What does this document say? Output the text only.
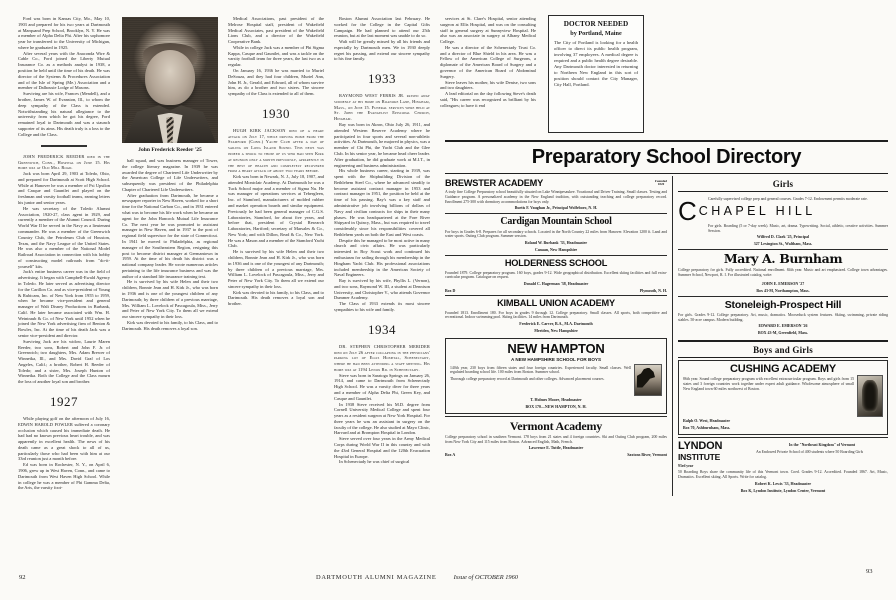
Ford was born in Kansas City, Mo., May 10, 1903 and prepared for his two years at Dartmouth at Marquand Prep School, Brooklyn, N. Y. He was a member of Alpha Delta Phi. After his sophomore year he transferred to the University of Michigan, where he graduated in 1925.

After several years with the Anaconda Wire & Cable Co., Ford joined the Liberty Mutual Insurance Co. as a methods analyst in 1938, a position he held until the time of his death. He was director of the Systems & Procedures Association and of the Isle of Spring (Me.) Association and a member of Dalhousie Lodge of Masons.

Surviving are his wife, Frances (Mendell), and a brother, James W. of Evanston, Ill., to whom the deep sympathy of the Class is extended. Notwithstanding his natural allegiance to the university from which he got his degree, Ford remained loyal to Dartmouth and was a staunch supporter of its aims. His death truly is a loss to the College and the Class.

JOHN FREDERICK REEDER died in the Greenwich, Conn., Hospital on June 15. His home was at Old Mill Road.

Jack was born April 29, 1903 at Toledo, Ohio, and prepared for Dartmouth at Scott High School. While at Hanover he was a member of Psi Upsilon and Casque and Gauntlet and played on the freshman and varsity football teams, earning letters his junior and senior years.

He was secretary of the Toledo Alumni Association, 1920-27, class agent in 1929, and currently a member of the Alumni Council. During World War II he served in the Navy as a lieutenant commander. He was a member of the Greenwich Country Club, the Petroleum Club of Houston, Texas, and the Navy League of the United States. He was also a member of the National Model Railroad Association in connection with his hobby of constructing model railroads from "do-it-yourself" kits.

Jack's entire business career was in the field of advertising. It began with Campbell-Ewald Agency in Toledo. He later served as advertising director for the Carillon Co. and as vice-president of Young & Rubicam, Inc. of New York from 1955 to 1959, when he became vice-president and general manager of Walt Disney Productions in Burbank, Calif. He later became associated with Wm. H. Weintraub & Co. of New York until 1952 when he joined the New York advertising firm of Benton & Bowles, Inc. At the time of his death Jack was a senior vice-president and director.

Surviving Jack are his widow, Laurie Maren Reeder, two sons, Robert and John F. Jr. of Greenwich; two daughters, Mrs. Adam Brewer of Winnetka, Ill., and Mrs. David Graf of Los Angeles, Calif.; a brother, Robert H. Reeder of Toledo; and a sister, Mrs. Joseph Hunton of Winnetka. Both the College and the Class mourn the loss of another loyal son and brother.

1927

While playing golf on the afternoon of July 16, EDWIN HAROLD FOWLER suffered a coronary occlusion which caused his immediate death. He had had no known previous heart trouble, and was apparently in excellent health. The news of his death came as a great shock to all of us, particularly those who had been with him at our 33rd reunion just a month before.

Ed was born in Rochester, N. Y., on April 6, 1906, grew up in West Haven, Conn., and came to Dartmouth from West Haven High School. While in college he was a member of Phi Gamma Delta, the Arts, the varsity foot-

John Frederick Reeder '25

ball squad, and was business manager of Tower, the college literary magazine. In 1939 he was awarded the degree of Chartered Life Underwriter by the American College of Life Underwriters, and subsequently was president of the Philadelphia Chapter of Chartered Life Underwriters.

After graduation from Dartmouth, he became a newspaper reporter in New Haven, worked for a short time for the National Carbon Co., and in 1931 entered what was to become his life work when he became an agent for the John Hancock Mutual Life Insurance Co. The next year he was promoted to assistant manager in New Haven, and in 1937 to the post of regional field supervisor for the state of Connecticut. In 1941 he moved to Philadelphia, as regional manager of the Southeastern Region, resigning this post to become district manager at Germantown in 1959. At the time of his death his district was a national company leader. He wrote numerous articles pertaining to the life insurance business and was the author of a standard life insurance training text.

He is survived by his wife Helen and their two children, Bonnie Jean and H. Kirk Jr., who was born in 1936 and is one of the youngest children of any Dartmouth; by three children of a previous marriage, Mrs. William L. Lovelock of Pascagoula, Miss., Jerry and Peter of New York City. To them all we extend our sincere sympathy in their loss.

Kirk was devoted to his family, to his Class, and to Dartmouth. His death removes a loyal son.

Medical Associations, past president of the Melrose Hospital staff, president of Wakefield Medical Associates, past president of the Wakefield Lions Club, and a director of the Wakefield Cooperative Bank.

While in college Jack was a member of Phi Sigma Kappa, Casque and Gauntlet, and was a tackle on the varsity football team for three years, the last two as a regular.

On January 16, 1936 he was married to Muriel DeSouza, and they had four children, Muriel Ann, John H. Jr., Gerald, and Edward, all of whom survive him, as do a brother and two sisters. The sincere sympathy of the Class is extended to all of them.

1930

HUGH KIRK JACKSON died of a heart attack on July 17, while driving home from the Stamford (Conn.) Yacht Club after a day of sailing on Long Island Sound. This news was indeed a shock to those of us who had seen Kirk at reunion only a month previously, apparently in the best of health and completely recovered from a heart attack of about two years before.

Kirk was born in Newark, N. J., July 18, 1907, and attended Montclair Academy. At Dartmouth he was a Tuck School major and a member of Sigma Nu. He was manager of operations services at Tebergleen, Inc. of Stamford, manufacturers of molded rubber and market operation boards and similar equipment. Previously he had been general manager of C.G.S. Laboratories, Stamford, for about five years, and before that, president of Crystal Research Laboratories, Hartford; secretary of Marsales & Co., New York; and with Dillon, Read & Co., New York. He was a Mason and a member of the Stamford Yacht Club.

He is survived by his wife Helen and their two children, Bonnie Jean and H. Kirk Jr., who was born in 1936 and is one of the youngest of any Dartmouth; by three children of a previous marriage, Mrs. William L. Lovelock of Pascagoula, Miss., Jerry and Peter of New York City. To them all we extend our sincere sympathy in their loss.

Kirk was devoted to his family, to his Class, and to Dartmouth. His death removes a loyal son and brother.

Boston Alumni Association last February. He worked for the College in the Capital Gifts Campaign. He had planned to attend our 25th reunion, but at the last moment was unable to do so.

Walt will be greatly missed by all his friends and especially by Dartmouth men. We in 1930 deeply regret his passing, and extend our sincere sympathy to his fine family.

1933

RAYMOND WEST FERRIS JR. passed away suddenly at his home on Roanoke Lane, Hingham, Mass., on June 15. Funeral services were held at St. John the Evangelist Episcopal Church, Hingham.

Ray was born in Akron, Ohio July 26, 1911, and attended Western Reserve Academy where he participated in four sports and several non-athletic activities. At Dartmouth, he majored in physics, was a member of Chi Phi, the Yacht Club and the Glee Club. In his senior year, he became head cheer leader. After graduation, he did graduate work at M.I.T., in engineering and business administration.

His whole business career, starting in 1939, was spent with the Shipbuilding Division of the Bethlehem Steel Co., where he advanced steadily to become assistant contract manager in 1953 and contract manager in 1951, the position he held at the time of his passing. Ray's was a key staff and administrative job involving billions of dollars of Navy and civilian contracts for ships in their many phases. He was headquartered at the Fore River Shipyard in Quincy, Mass., but was required to travel considerably since his responsibilities covered all Bethlehem yards on both the East and West coasts.

Despite this he managed to be most active in many church and civic affairs. He was particularly interested in Boy Scout work and continued his enthusiasm for sailing through his membership in the Hingham Yacht Club. His professional associations included membership in the American Society of Naval Engineers.

Ray is survived by his wife, Phyllis L. (Vernon), and two sons, Raymond W. III, a student at Dennison University, and Christopher V., who attends Governor Dummer Academy.

The Class of 1933 extends its most sincere sympathies to his wife and family.

1934

DR. STEPHEN CHRISTOPHER MERIDER died on July 26 after collapsing in the physicians' parking lot of Ellis Hospital, Schenectady, where he had been attending a staff meeting. His home was at 1194 Lenox Rd. in Schenectady.

Steve was born in Saratoga Springs on January 26, 1914, and came to Dartmouth from Schenectady High School. He was a varsity diver for three years and a member of Alpha Delta Phi, Green Key, and Casque and Gauntlet.

In 1938 Steve received his M.D. degree from Cornell University Medical College and spent four years as a resident surgeon at New York Hospital. For three years he was an assistant in surgery on the faculty of the college. He also studied at Mayo Clinic, Harvard and at Brompton Hospital in London.

Steve served over four years in the Army Medical Corps during World War II in this country and with the 43rd General Hospital and the 120th Evacuation Hospital in Europe.

In Schenectady he was chief of surgical

services at St. Clare's Hospital, senior attending surgeon at Ellis Hospital, and was on the consulting staff in general surgery at Sunnyview Hospital. He also was an associate in surgery at Albany Medical College.

He was a director of the Schenectady Trust Co. and a director of Blue Shield in his area. He was a Fellow of the American College of Surgeons, a diplomate of the American Board of Surgery and a governor of the American Board of Abdominal Surgery.

Steve leaves his mother, his wife Denise, two sons and two daughters.

A lead editorial on the day following Steve's death said, "His career was recognized as brilliant by his colleagues; to have it end

DOCTOR NEEDED
by Portland, Maine
The City of Portland is looking for a health officer to direct its public health program, involving 37 employees. A medical degree is required and a public health degree desirable. Any Dartmouth doctor interested in returning to Northern New England in this sort of position should contact the City Manager, City Hall, Portland.
Preparatory School Directory
Founded
1820
BREWSTER ACADEMY
A truly fine College Preparatory school beautifully situated on Lake Winnipesaukee. Vocational and Driver Training. Small classes. Testing and Guidance program. A personalized academy in the New England tradition, with outstanding teaching and college preparatory record. Enrollment 275-300 with dormitory accommodations for boys only.
Burtis F. Vaughan Jr., Principal Wolfeboro, N. H.
Cardigan Mountain School
For boys in Grades 6-8. Prepares for all secondary schools. Located in the North Country 22 miles from Hanover. Elevation 1200 ft. Land and water sports. Outing Club program. Summer session.
Roland W. Burbank '33, Headmaster
Canaan, New Hampshire
HOLDERNESS SCHOOL
Founded 1879. College preparatory program. 160 boys, grades 9-12. Wide geographical distribution. Excellent skiing facilities and full extra-curricular program. Catalogue on request.
Donald C. Hagerman '38, Headmaster
Box D	Plymouth, N. H.
KIMBALL UNION ACADEMY
Founded 1813. Enrollment 180. For boys in grades 9 through 12. College preparatory. Small classes. All sports, both competitive and recreational. Indoor swimming pool. Skiing facilities. 14 miles from Dartmouth.
Frederick E. Carver, B.A., M.A. Dartmouth
Meriden, New Hampshire
NEW HAMPTON
A NEW HAMPSHIRE SCHOOL FOR BOYS
140th year, 230 boys from fifteen states and four foreign countries. Experienced faculty. Small classes. Well regulated boarding school life. 100 miles from Boston. Summer school.
Thorough college preparatory record at Dartmouth and other colleges. Advanced placement courses.
T. Holmes Moore, Headmaster
BOX 170—NEW HAMPTON, N. H.
Vermont Academy
College preparatory school in southern Vermont. 178 boys from 21 states and 4 foreign countries. Ski and Outing Club program, 200 miles from New York City and 115 miles from Boston. Advanced English, Math, French.
Lawrence E. Tuttle, Headmaster
Box A	Saxtons River, Vermont
Girls
Carefully supervised college prep and general courses. Grades 7-12. Endowment permits moderate rate.
C CHAPEL HILL
For girls. Boarding (5 or 7-day week). Music, art, drama. Typewriting. Social, athletic, creative activities. Summer Session.
Wilfred D. Clark '25, Principal
327 Lexington St., Waltham, Mass.
Mary A. Burnham
College preparatory for girls. Fully accredited. National enrollment. 84th year. Music and art emphasized. College town advantages. Summer School, Newport, R. I. For illustrated catalog, write:
JOHN E. EMERSON '27
Box 43-M, Northampton, Mass.
Stoneleigh-Prospect Hill
For girls. Grades 9-12. College preparatory. Art, music, dramatics. Mooseduck system features. Skiing, swimming, private riding stables. 50-acre campus. Modern building.
EDWARD E. EMERSON '26
BOX 43-M, Greenfield, Mass.
Boys and Girls
CUSHING ACADEMY
86th year. Sound college preparatory program with excellent extracurricular program. Boys and girls from 15 states and 3 foreign countries work together under expert adult guidance. Wholesome atmosphere of small New England town 60 miles northwest of Boston.
Ralph O. West, Headmaster
Box 70, Ashburnham, Mass.
LYNDON
INSTITUTE
93rd year
In the "Northeast Kingdom" of Vermont
An Endowed Private School of 400 students where 50 Boarding Girls
50 Boarding Boys share the community life of this Vermont town. Coed. Grades 9-12. Accredited. Founded 1867. Art, Music, Dramatics. Excellent skiing. All Sports. Write for catalog.
Robert K. Lewis '33, Headmaster
Box K, Lyndon Institute, Lyndon Center, Vermont
92	DARTMOUTH ALUMNI MAGAZINE	Issue of OCTOBER 1960
93
